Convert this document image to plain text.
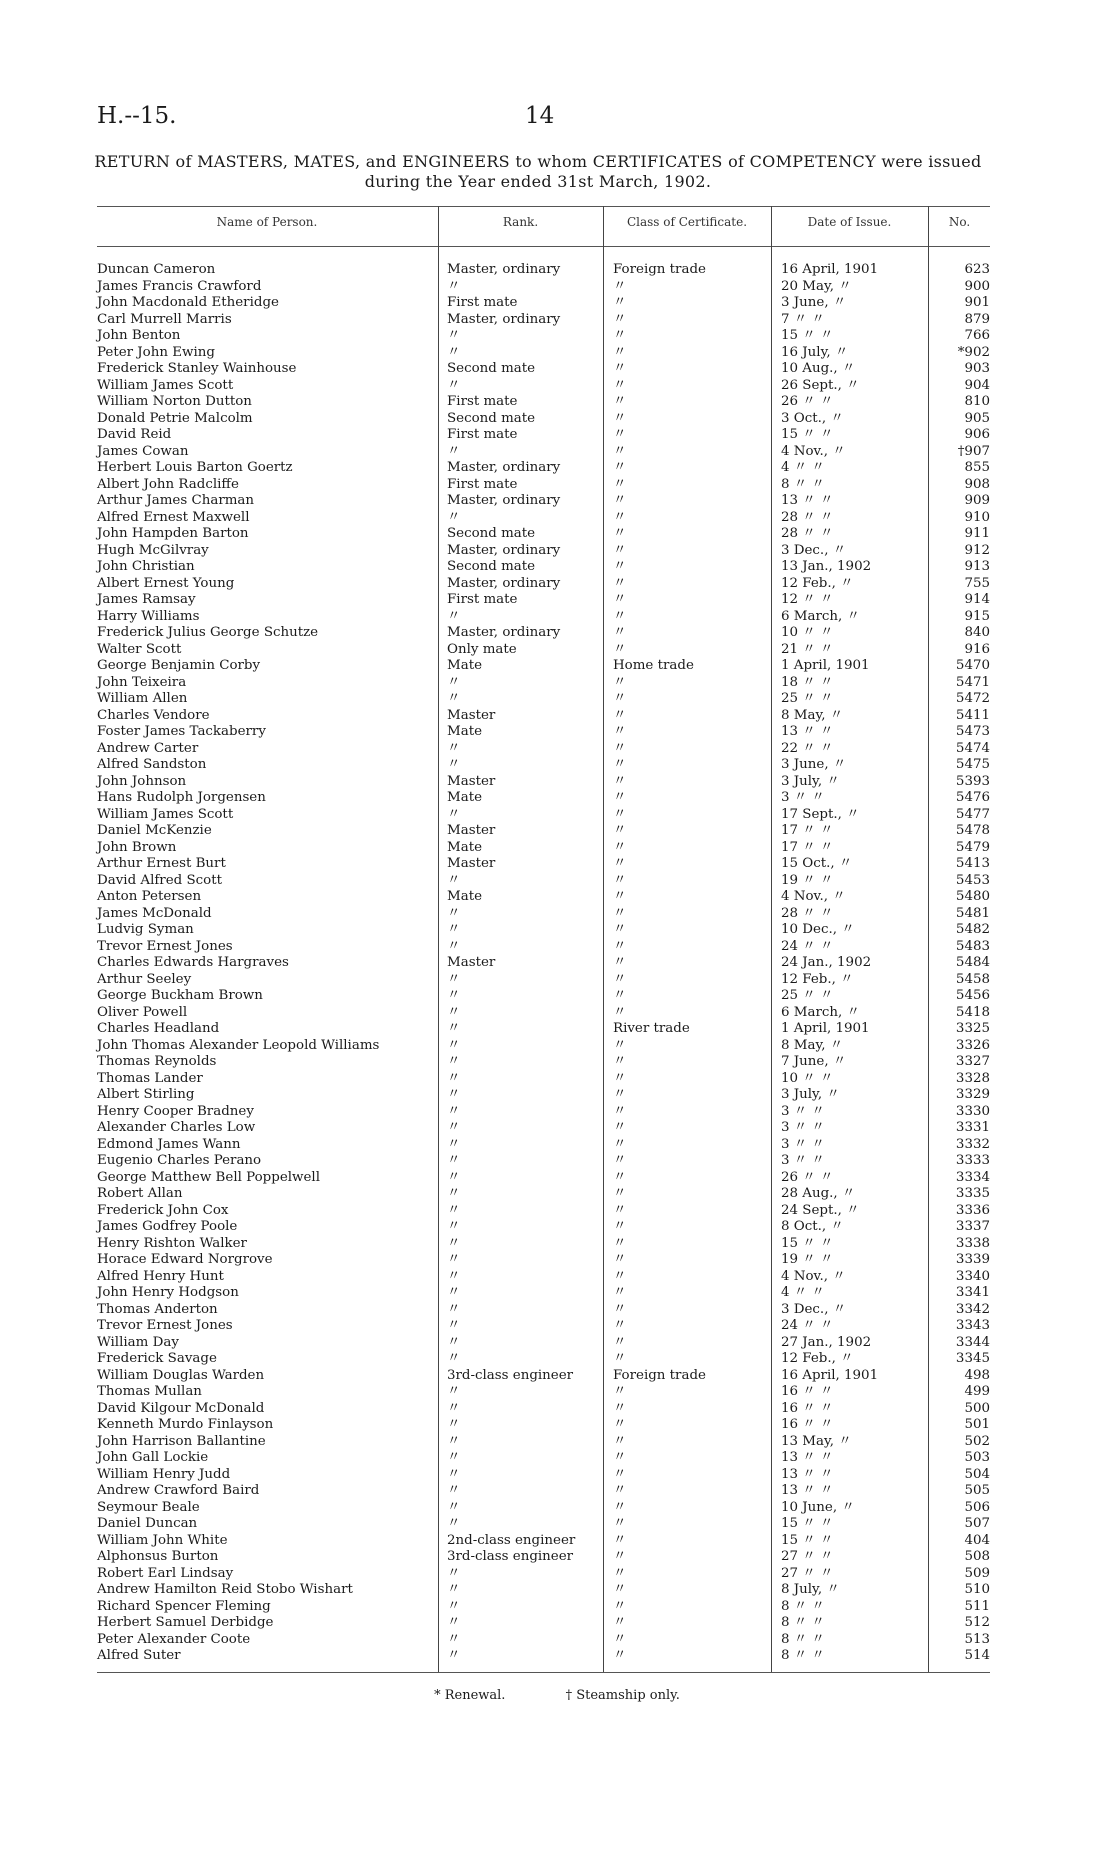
H.--15.	14
RETURN of MASTERS, MATES, and ENGINEERS to whom CERTIFICATES of COMPETENCY were issued
during the Year ended 31st March, 1902.
Name of Person.	Rank.	Class of Certificate.	Date of Issue.	No.
Duncan Cameron	Master, ordinary	Foreign trade	16 April, 1901	623
James Francis Crawford	〃	〃	20 May, 〃	900
John Macdonald Etheridge	First mate	〃	3 June, 〃	901
Carl Murrell Marris	Master, ordinary	〃	7 〃 〃	879
John Benton	〃	〃	15 〃 〃	766
Peter John Ewing	〃	〃	16 July, 〃	*902
Frederick Stanley Wainhouse	Second mate	〃	10 Aug., 〃	903
William James Scott	〃	〃	26 Sept., 〃	904
William Norton Dutton	First mate	〃	26 〃 〃	810
Donald Petrie Malcolm	Second mate	〃	3 Oct., 〃	905
David Reid	First mate	〃	15 〃 〃	906
James Cowan	〃	〃	4 Nov., 〃	†907
Herbert Louis Barton Goertz	Master, ordinary	〃	4 〃 〃	855
Albert John Radcliffe	First mate	〃	8 〃 〃	908
Arthur James Charman	Master, ordinary	〃	13 〃 〃	909
Alfred Ernest Maxwell	〃	〃	28 〃 〃	910
John Hampden Barton	Second mate	〃	28 〃 〃	911
Hugh McGilvray	Master, ordinary	〃	3 Dec., 〃	912
John Christian	Second mate	〃	13 Jan., 1902	913
Albert Ernest Young	Master, ordinary	〃	12 Feb., 〃	755
James Ramsay	First mate	〃	12 〃 〃	914
Harry Williams	〃	〃	6 March, 〃	915
Frederick Julius George Schutze	Master, ordinary	〃	10 〃 〃	840
Walter Scott	Only mate	〃	21 〃 〃	916
George Benjamin Corby	Mate	Home trade	1 April, 1901	5470
John Teixeira	〃	〃	18 〃 〃	5471
William Allen	〃	〃	25 〃 〃	5472
Charles Vendore	Master	〃	8 May, 〃	5411
Foster James Tackaberry	Mate	〃	13 〃 〃	5473
Andrew Carter	〃	〃	22 〃 〃	5474
Alfred Sandston	〃	〃	3 June, 〃	5475
John Johnson	Master	〃	3 July, 〃	5393
Hans Rudolph Jorgensen	Mate	〃	3 〃 〃	5476
William James Scott	〃	〃	17 Sept., 〃	5477
Daniel McKenzie	Master	〃	17 〃 〃	5478
John Brown	Mate	〃	17 〃 〃	5479
Arthur Ernest Burt	Master	〃	15 Oct., 〃	5413
David Alfred Scott	〃	〃	19 〃 〃	5453
Anton Petersen	Mate	〃	4 Nov., 〃	5480
James McDonald	〃	〃	28 〃 〃	5481
Ludvig Syman	〃	〃	10 Dec., 〃	5482
Trevor Ernest Jones	〃	〃	24 〃 〃	5483
Charles Edwards Hargraves	Master	〃	24 Jan., 1902	5484
Arthur Seeley	〃	〃	12 Feb., 〃	5458
George Buckham Brown	〃	〃	25 〃 〃	5456
Oliver Powell	〃	〃	6 March, 〃	5418
Charles Headland	〃	River trade	1 April, 1901	3325
John Thomas Alexander Leopold Williams	〃	〃	8 May, 〃	3326
Thomas Reynolds	〃	〃	7 June, 〃	3327
Thomas Lander	〃	〃	10 〃 〃	3328
Albert Stirling	〃	〃	3 July, 〃	3329
Henry Cooper Bradney	〃	〃	3 〃 〃	3330
Alexander Charles Low	〃	〃	3 〃 〃	3331
Edmond James Wann	〃	〃	3 〃 〃	3332
Eugenio Charles Perano	〃	〃	3 〃 〃	3333
George Matthew Bell Poppelwell	〃	〃	26 〃 〃	3334
Robert Allan	〃	〃	28 Aug., 〃	3335
Frederick John Cox	〃	〃	24 Sept., 〃	3336
James Godfrey Poole	〃	〃	8 Oct., 〃	3337
Henry Rishton Walker	〃	〃	15 〃 〃	3338
Horace Edward Norgrove	〃	〃	19 〃 〃	3339
Alfred Henry Hunt	〃	〃	4 Nov., 〃	3340
John Henry Hodgson	〃	〃	4 〃 〃	3341
Thomas Anderton	〃	〃	3 Dec., 〃	3342
Trevor Ernest Jones	〃	〃	24 〃 〃	3343
William Day	〃	〃	27 Jan., 1902	3344
Frederick Savage	〃	〃	12 Feb., 〃	3345
William Douglas Warden	3rd-class engineer	Foreign trade	16 April, 1901	498
Thomas Mullan	〃	〃	16 〃 〃	499
David Kilgour McDonald	〃	〃	16 〃 〃	500
Kenneth Murdo Finlayson	〃	〃	16 〃 〃	501
John Harrison Ballantine	〃	〃	13 May, 〃	502
John Gall Lockie	〃	〃	13 〃 〃	503
William Henry Judd	〃	〃	13 〃 〃	504
Andrew Crawford Baird	〃	〃	13 〃 〃	505
Seymour Beale	〃	〃	10 June, 〃	506
Daniel Duncan	〃	〃	15 〃 〃	507
William John White	2nd-class engineer	〃	15 〃 〃	404
Alphonsus Burton	3rd-class engineer	〃	27 〃 〃	508
Robert Earl Lindsay	〃	〃	27 〃 〃	509
Andrew Hamilton Reid Stobo Wishart	〃	〃	8 July, 〃	510
Richard Spencer Fleming	〃	〃	8 〃 〃	511
Herbert Samuel Derbidge	〃	〃	8 〃 〃	512
Peter Alexander Coote	〃	〃	8 〃 〃	513
Alfred Suter	〃	〃	8 〃 〃	514
* Renewal.	† Steamship only.
